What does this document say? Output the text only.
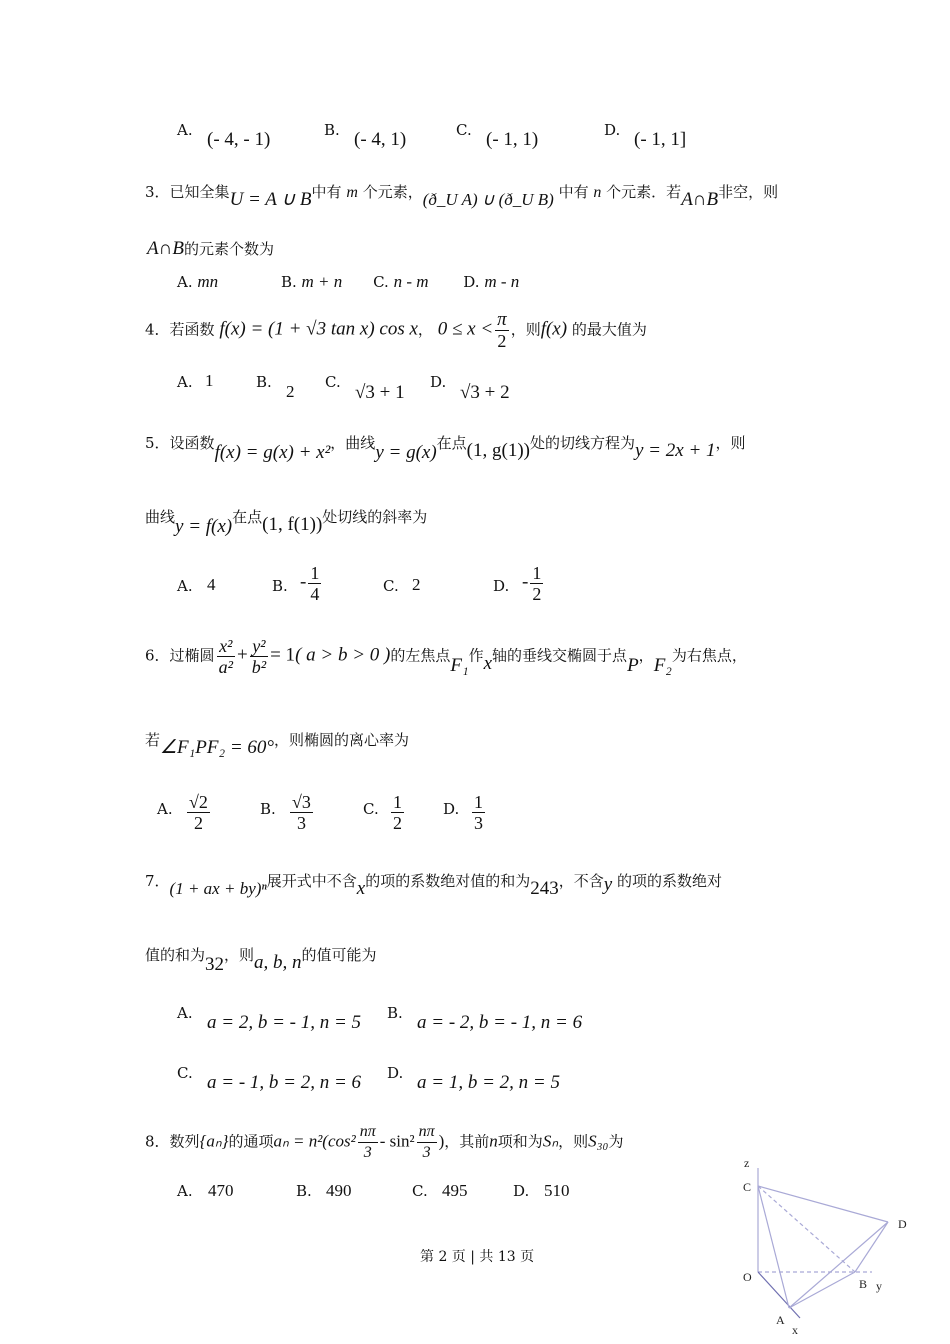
A. (- 4, - 1)	B. (- 4, 1)	C. (- 1, 1)	D. (- 1, 1]
3．已知全集U = A ∪ B中有 m 个元素，(ð_U A) ∪ (ð_U B) 中有 n 个元素．若A∩B非空，则
A∩B的元素个数为
A. mn	B. m + n C. n - m D. m - n
4．若函数 f(x) = (1 + √3 tan x) cos x， $0 \le x < \frac{\pi}{2}$ ，则f(x) 的最大值为
A. 1	B. 2 C. √3 + 1 D. √3 + 2
5．设函数f(x) = g(x) + x²，曲线y = g(x)在点(1, g(1))处的切线方程为y = 2x + 1，则
曲线y = f(x)在点(1, f(1))处切线的斜率为
A. 4	B. - $\frac{1}{4}$	C. 2	D. - $\frac{1}{2}$
6．过椭圆 $\frac{\text{x²}}{\text{a²}} + \frac{\text{y²}}{\text{b²}} = 1$( a > b > 0 )的左焦点F₁作x轴的垂线交椭圆于点P，F₂为右焦点，
若∠F₁PF₂ = 60°，则椭圆的离心率为
A. $\frac{√2}{2}$	B. $\frac{√3}{3}$	C. $\frac{1}{2}$	D. $\frac{1}{3}$
7．(1 + ax + by)ⁿ展开式中不含x的项的系数绝对值的和为243，不含y 的项的系数绝对
值的和为32，则a, b, n的值可能为
A. a = 2, b = - 1, n = 5 B. a = - 2, b = - 1, n = 6
C. a = - 1, b = 2, n = 6 D. a = 1, b = 2, n = 5
8．数列{aₙ}的通项$a_n = n^2(\cos^2 \frac{n\pi}{3} - \sin^2 \frac{n\pi}{3}$ )，其前n项和为Sₙ，则S₃₀为
A. 470	B. 490	C. 495	D. 510
第 2 页 | 共 13 页
z
C
D
O	B y
A
x
